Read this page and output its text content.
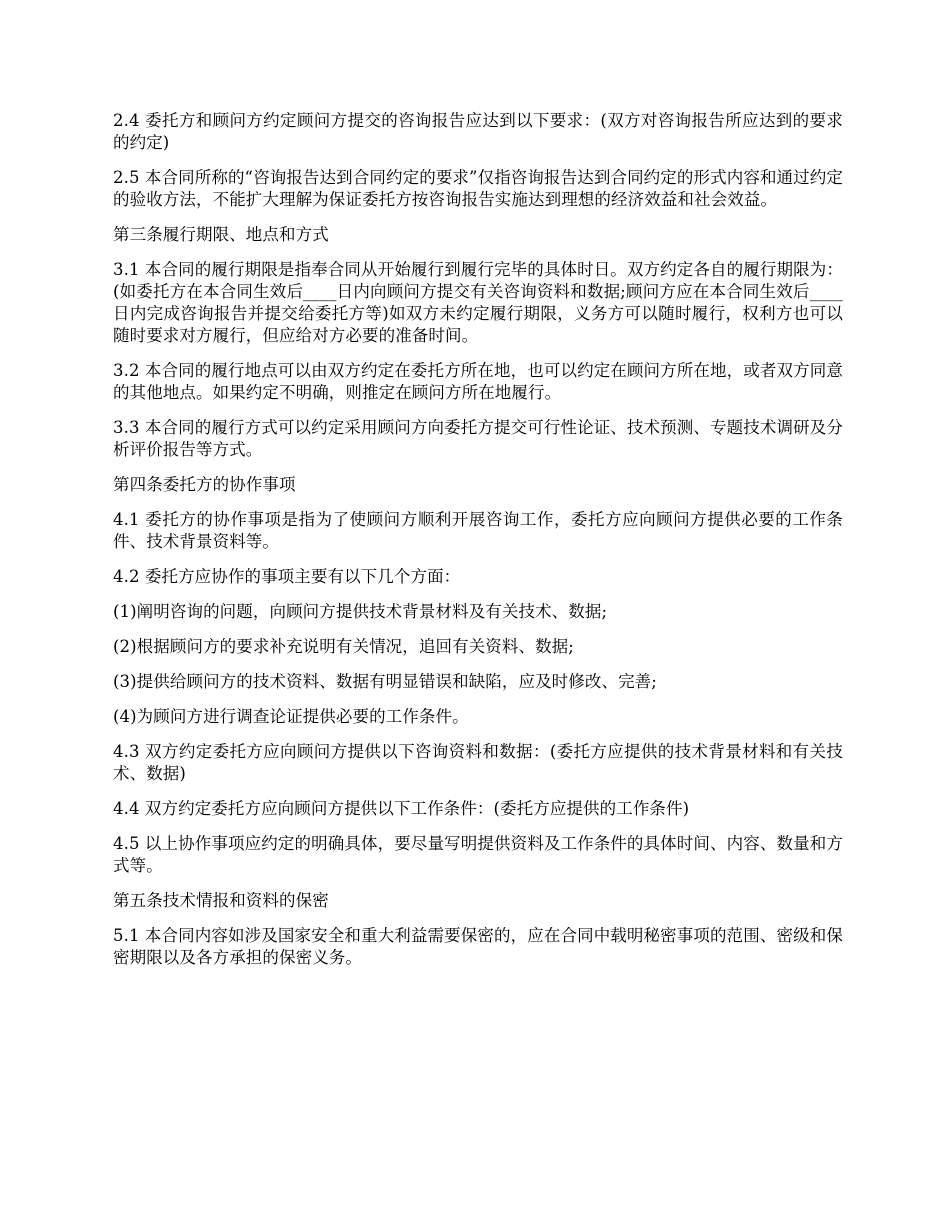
2.4 委托方和顾问方约定顾问方提交的咨询报告应达到以下要求：(双方对咨询报告所应达到的要求的约定)

2.5 本合同所称的“咨询报告达到合同约定的要求”仅指咨询报告达到合同约定的形式内容和通过约定的验收方法，不能扩大理解为保证委托方按咨询报告实施达到理想的经济效益和社会效益。

第三条履行期限、地点和方式

3.1 本合同的履行期限是指奉合同从开始履行到履行完毕的具体时日。双方约定各自的履行期限为：(如委托方在本合同生效后____日内向顾问方提交有关咨询资料和数据;顾问方应在本合同生效后____日内完成咨询报告并提交给委托方等)如双方未约定履行期限，义务方可以随时履行，权利方也可以随时要求对方履行，但应给对方必要的准备时间。

3.2 本合同的履行地点可以由双方约定在委托方所在地，也可以约定在顾问方所在地，或者双方同意的其他地点。如果约定不明确，则推定在顾问方所在地履行。

3.3 本合同的履行方式可以约定采用顾问方向委托方提交可行性论证、技术预测、专题技术调研及分析评价报告等方式。

第四条委托方的协作事项

4.1 委托方的协作事项是指为了使顾问方顺利开展咨询工作，委托方应向顾问方提供必要的工作条件、技术背景资料等。

4.2 委托方应协作的事项主要有以下几个方面：

(1)阐明咨询的问题，向顾问方提供技术背景材料及有关技术、数据;

(2)根据顾问方的要求补充说明有关情况，追回有关资料、数据;

(3)提供给顾问方的技术资料、数据有明显错误和缺陷，应及时修改、完善;

(4)为顾问方进行调查论证提供必要的工作条件。

4.3 双方约定委托方应向顾问方提供以下咨询资料和数据：(委托方应提供的技术背景材料和有关技术、数据)

4.4 双方约定委托方应向顾问方提供以下工作条件：(委托方应提供的工作条件)

4.5 以上协作事项应约定的明确具体，要尽量写明提供资料及工作条件的具体时间、内容、数量和方式等。

第五条技术情报和资料的保密

5.1 本合同内容如涉及国家安全和重大利益需要保密的，应在合同中载明秘密事项的范围、密级和保密期限以及各方承担的保密义务。
